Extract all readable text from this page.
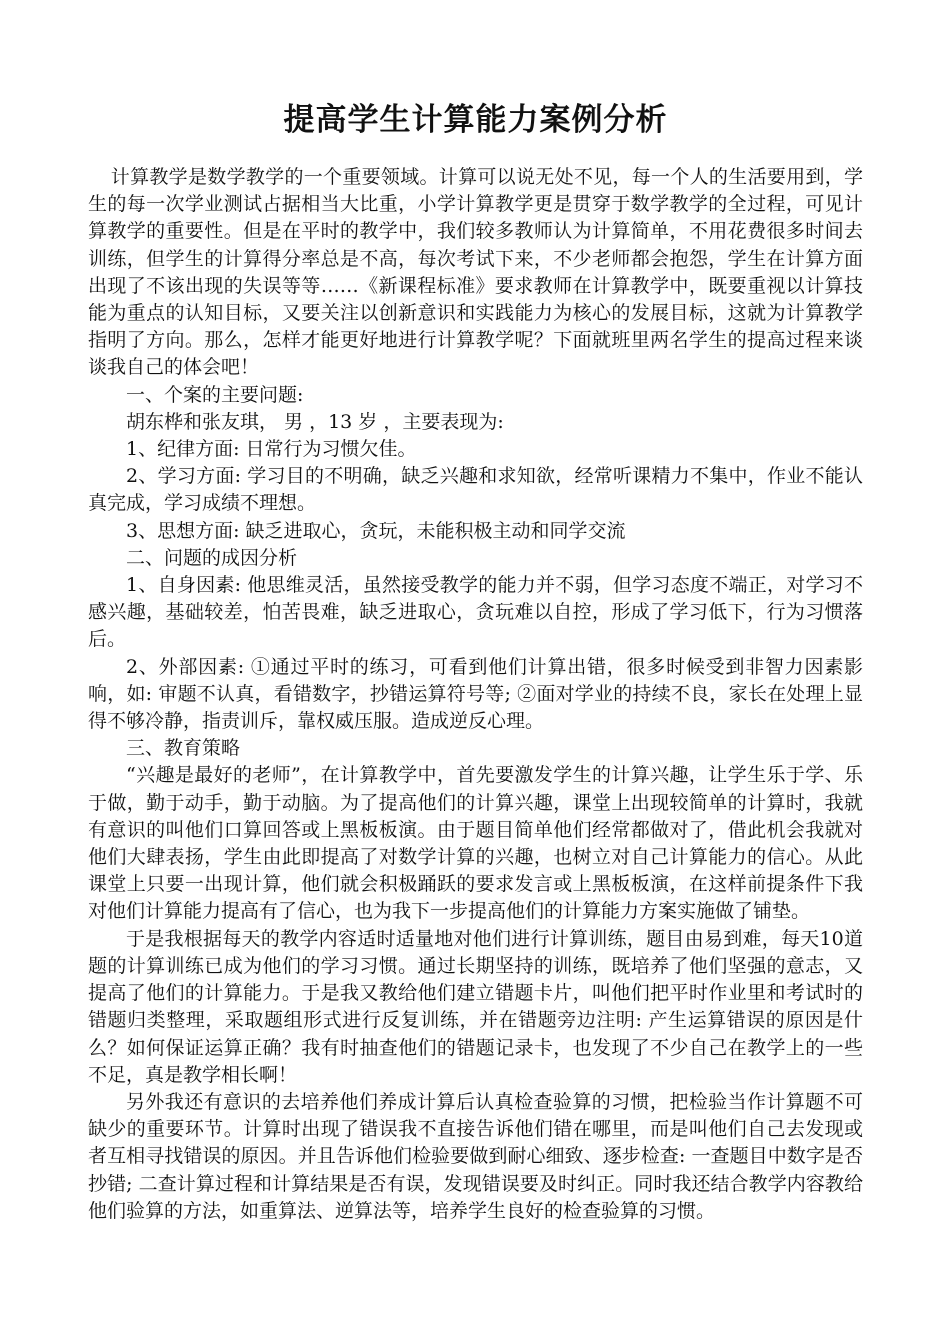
提高学生计算能力案例分析

计算教学是数学教学的一个重要领域。计算可以说无处不见，每一个人的生活要用到，学生的每一次学业测试占据相当大比重，小学计算教学更是贯穿于数学教学的全过程，可见计算教学的重要性。但是在平时的教学中，我们较多教师认为计算简单，不用花费很多时间去训练，但学生的计算得分率总是不高，每次考试下来，不少老师都会抱怨，学生在计算方面出现了不该出现的失误等等……《新课程标准》要求教师在计算教学中，既要重视以计算技能为重点的认知目标，又要关注以创新意识和实践能力为核心的发展目标，这就为计算教学指明了方向。那么，怎样才能更好地进行计算教学呢？下面就班里两名学生的提高过程来谈谈我自己的体会吧！

一、个案的主要问题:

胡东桦和张友琪， 男 ，13 岁 ，主要表现为:

1、纪律方面: 日常行为习惯欠佳。

2、学习方面: 学习目的不明确，缺乏兴趣和求知欲，经常听课精力不集中，作业不能认真完成，学习成绩不理想。

3、思想方面: 缺乏进取心，贪玩，未能积极主动和同学交流

二、问题的成因分析

1、自身因素: 他思维灵活，虽然接受教学的能力并不弱，但学习态度不端正，对学习不感兴趣，基础较差，怕苦畏难，缺乏进取心，贪玩难以自控，形成了学习低下，行为习惯落后。

2、外部因素: ①通过平时的练习，可看到他们计算出错，很多时候受到非智力因素影响，如: 审题不认真，看错数字，抄错运算符号等; ②面对学业的持续不良，家长在处理上显得不够冷静，指责训斥，靠权威压服。造成逆反心理。

三、教育策略

“兴趣是最好的老师”，在计算教学中，首先要激发学生的计算兴趣，让学生乐于学、乐于做，勤于动手，勤于动脑。为了提高他们的计算兴趣，课堂上出现较简单的计算时，我就有意识的叫他们口算回答或上黑板板演。由于题目简单他们经常都做对了，借此机会我就对他们大肆表扬，学生由此即提高了对数学计算的兴趣，也树立对自己计算能力的信心。从此课堂上只要一出现计算，他们就会积极踊跃的要求发言或上黑板板演，在这样前提条件下我对他们计算能力提高有了信心，也为我下一步提高他们的计算能力方案实施做了铺垫。

于是我根据每天的教学内容适时适量地对他们进行计算训练，题目由易到难，每天10道题的计算训练已成为他们的学习习惯。通过长期坚持的训练，既培养了他们坚强的意志，又提高了他们的计算能力。于是我又教给他们建立错题卡片，叫他们把平时作业里和考试时的错题归类整理，采取题组形式进行反复训练，并在错题旁边注明: 产生运算错误的原因是什么？如何保证运算正确？我有时抽查他们的错题记录卡，也发现了不少自己在教学上的一些不足，真是教学相长啊！

另外我还有意识的去培养他们养成计算后认真检查验算的习惯，把检验当作计算题不可缺少的重要环节。计算时出现了错误我不直接告诉他们错在哪里，而是叫他们自己去发现或者互相寻找错误的原因。并且告诉他们检验要做到耐心细致、逐步检查: 一查题目中数字是否抄错; 二查计算过程和计算结果是否有误，发现错误要及时纠正。同时我还结合教学内容教给他们验算的方法，如重算法、逆算法等，培养学生良好的检查验算的习惯。
